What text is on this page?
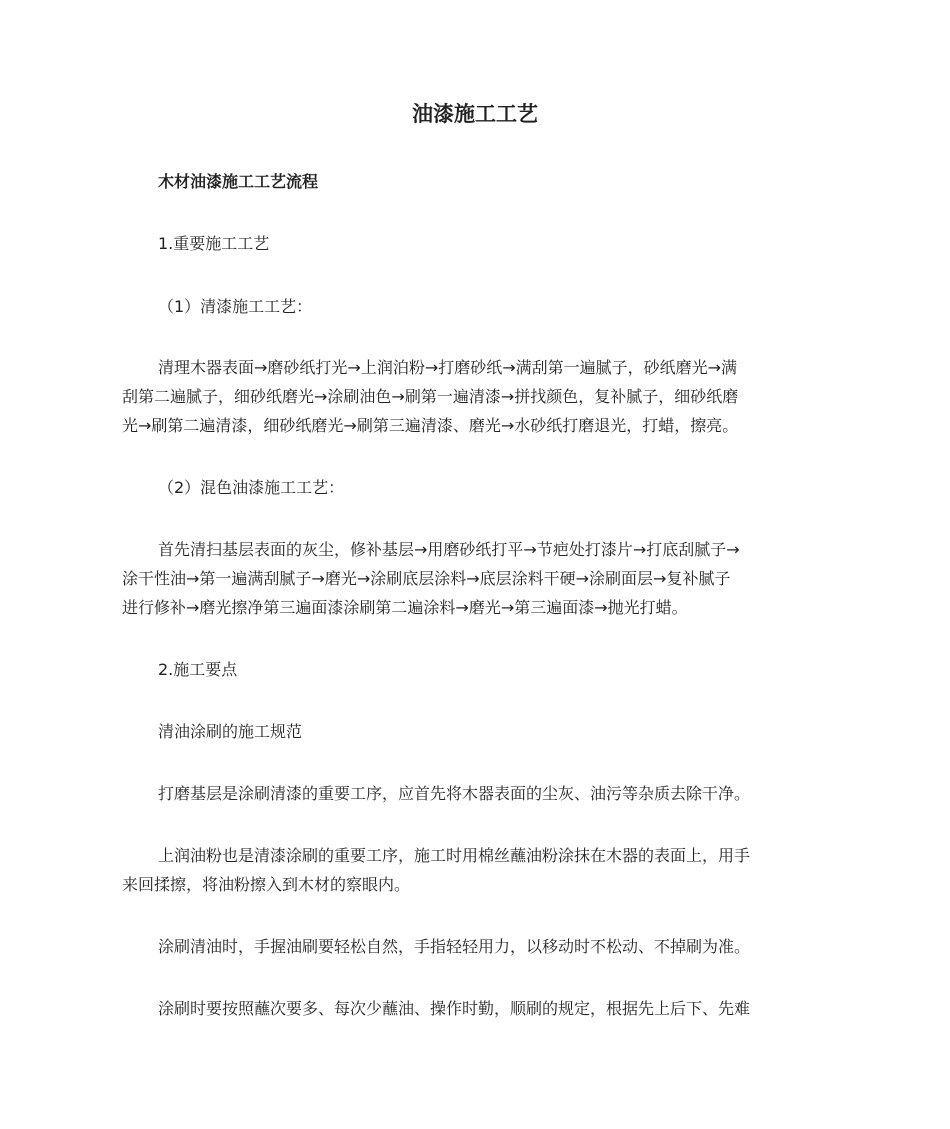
油漆施工工艺

木材油漆施工工艺流程

1.重要施工工艺

（1）清漆施工工艺：

清理木器表面→磨砂纸打光→上润泊粉→打磨砂纸→满刮第一遍腻子，砂纸磨光→满

刮第二遍腻子，细砂纸磨光→涂刷油色→刷第一遍清漆→拼找颜色，复补腻子，细砂纸磨

光→刷第二遍清漆，细砂纸磨光→刷第三遍清漆、磨光→水砂纸打磨退光，打蜡，擦亮。

（2）混色油漆施工工艺：

首先清扫基层表面的灰尘，修补基层→用磨砂纸打平→节疤处打漆片→打底刮腻子→

涂干性油→第一遍满刮腻子→磨光→涂刷底层涂料→底层涂料干硬→涂刷面层→复补腻子

进行修补→磨光擦净第三遍面漆涂刷第二遍涂料→磨光→第三遍面漆→抛光打蜡。

2.施工要点

清油涂刷的施工规范

打磨基层是涂刷清漆的重要工序，应首先将木器表面的尘灰、油污等杂质去除干净。

上润油粉也是清漆涂刷的重要工序，施工时用棉丝蘸油粉涂抹在木器的表面上，用手

来回揉擦，将油粉擦入到木材的察眼内。

涂刷清油时，手握油刷要轻松自然，手指轻轻用力，以移动时不松动、不掉刷为准。

涂刷时要按照蘸次要多、每次少蘸油、操作时勤，顺刷的规定，根据先上后下、先难
